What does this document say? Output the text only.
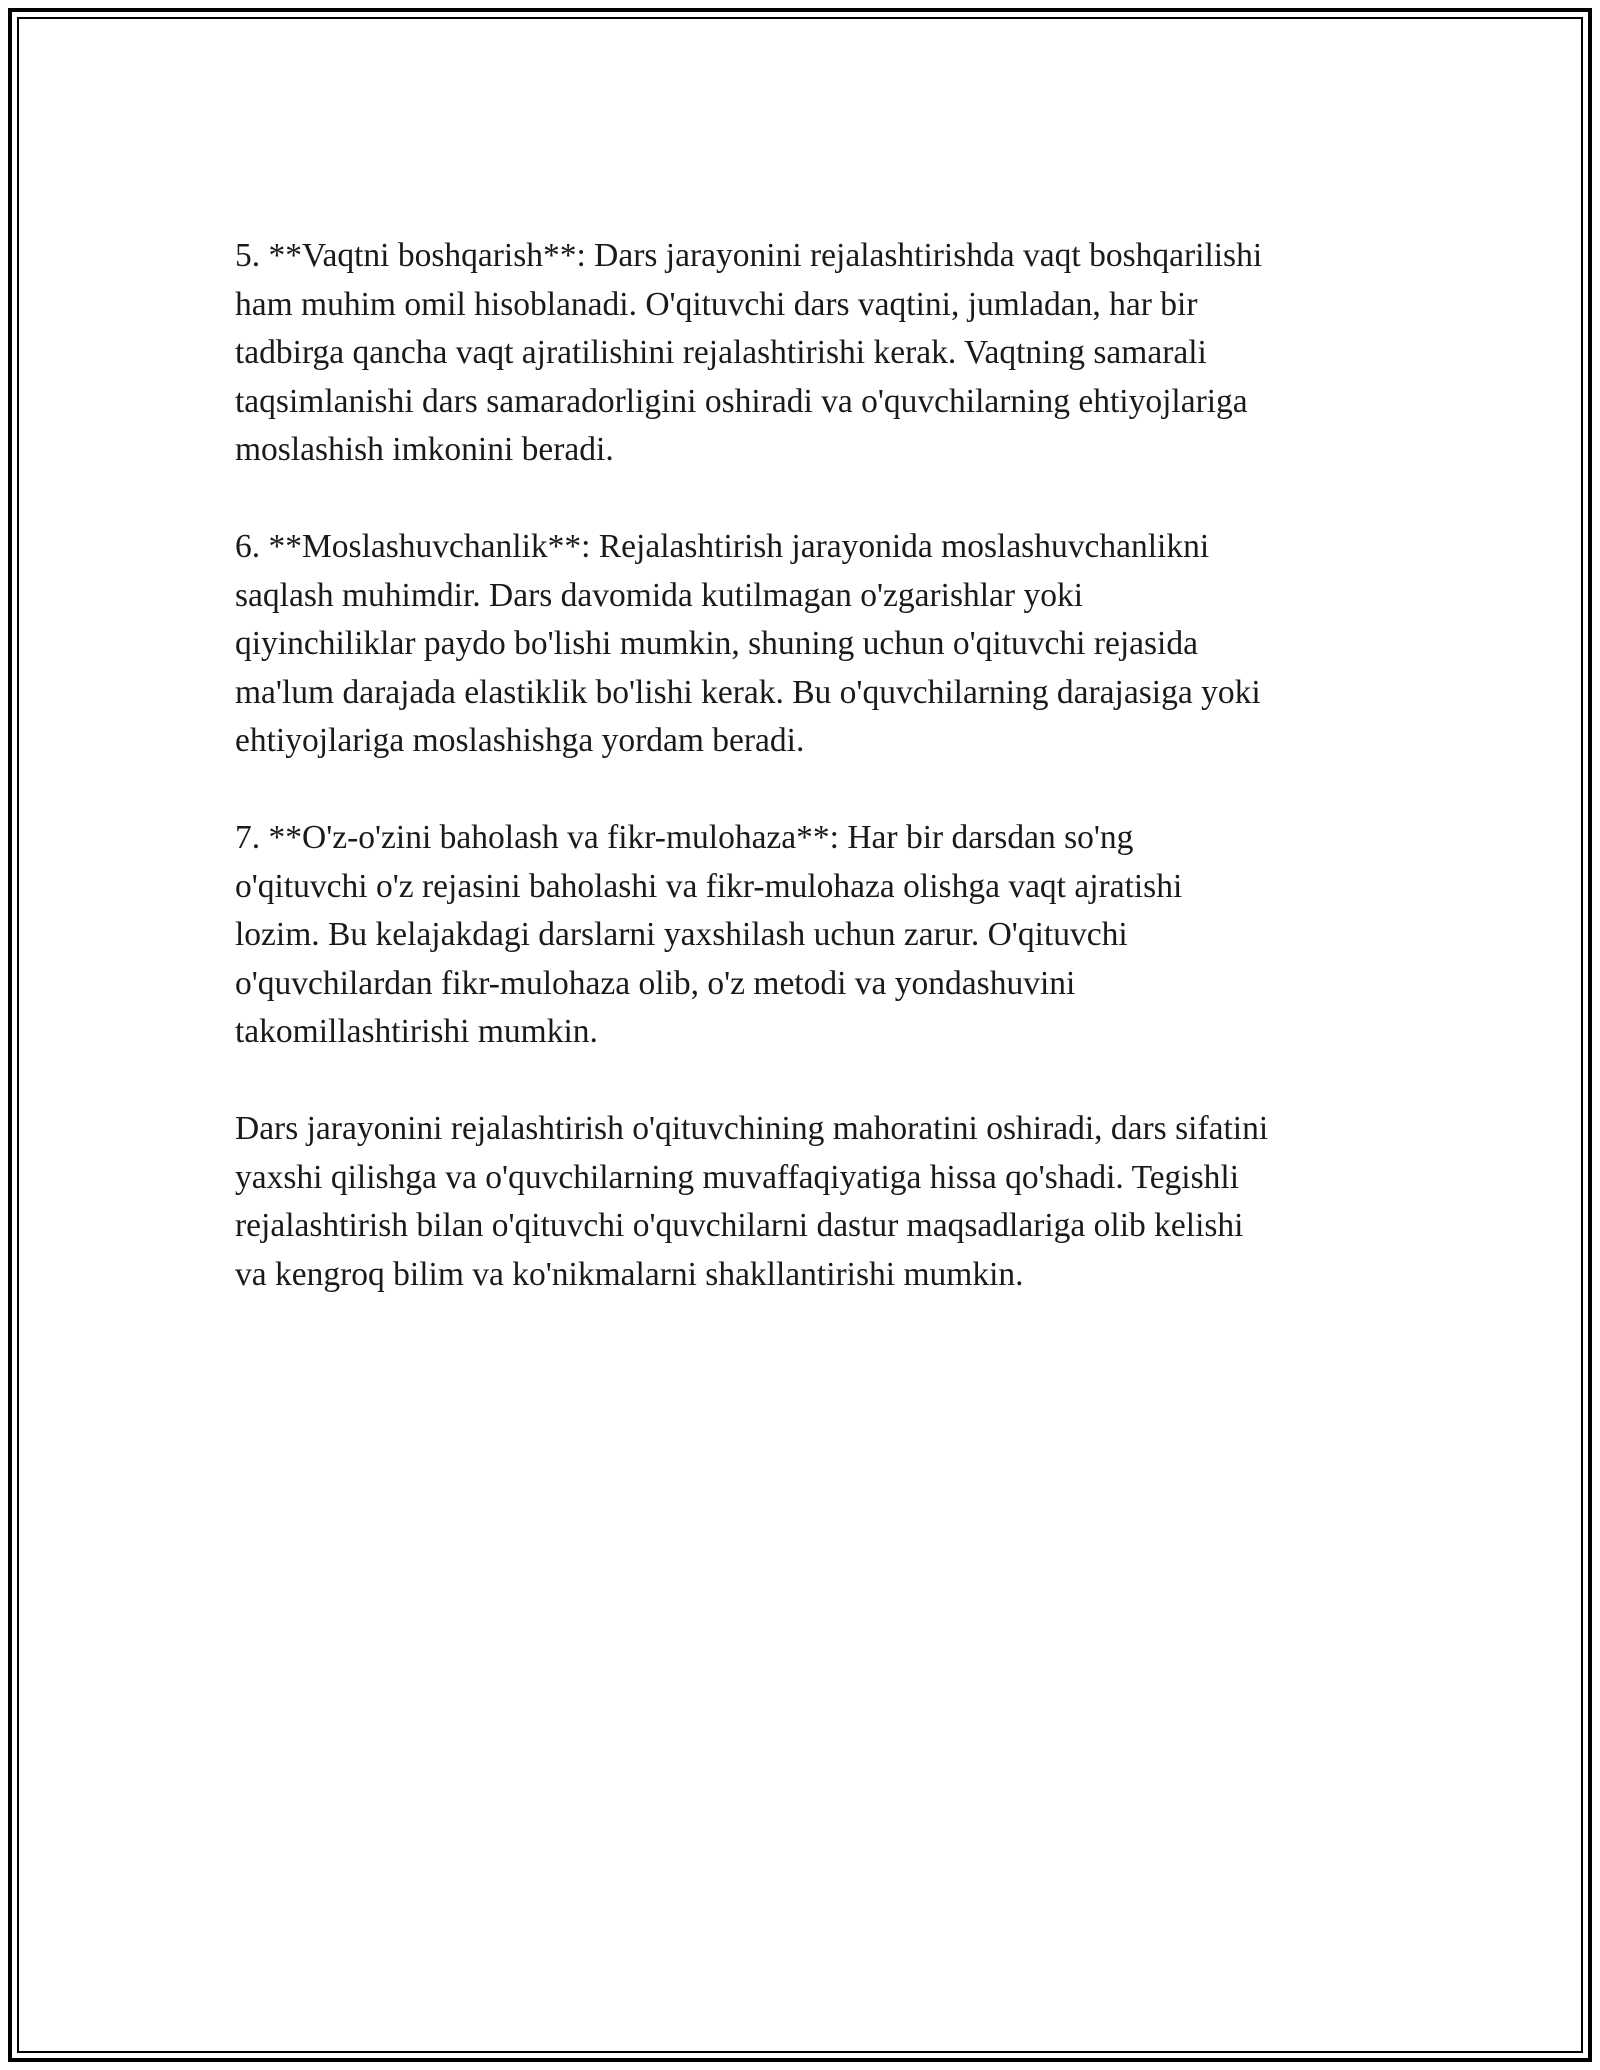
5. **Vaqtni boshqarish**: Dars jarayonini rejalashtirishda vaqt boshqarilishi
ham muhim omil hisoblanadi. O'qituvchi dars vaqtini, jumladan, har bir
tadbirga qancha vaqt ajratilishini rejalashtirishi kerak. Vaqtning samarali
taqsimlanishi dars samaradorligini oshiradi va o'quvchilarning ehtiyojlariga
moslashish imkonini beradi.

6. **Moslashuvchanlik**: Rejalashtirish jarayonida moslashuvchanlikni
saqlash muhimdir. Dars davomida kutilmagan o'zgarishlar yoki
qiyinchiliklar paydo bo'lishi mumkin, shuning uchun o'qituvchi rejasida
ma'lum darajada elastiklik bo'lishi kerak. Bu o'quvchilarning darajasiga yoki
ehtiyojlariga moslashishga yordam beradi.

7. **O'z-o'zini baholash va fikr-mulohaza**: Har bir darsdan so'ng
o'qituvchi o'z rejasini baholashi va fikr-mulohaza olishga vaqt ajratishi
lozim. Bu kelajakdagi darslarni yaxshilash uchun zarur. O'qituvchi
o'quvchilardan fikr-mulohaza olib, o'z metodi va yondashuvini
takomillashtirishi mumkin.

Dars jarayonini rejalashtirish o'qituvchining mahoratini oshiradi, dars sifatini
yaxshi qilishga va o'quvchilarning muvaffaqiyatiga hissa qo'shadi. Tegishli
rejalashtirish bilan o'qituvchi o'quvchilarni dastur maqsadlariga olib kelishi
va kengroq bilim va ko'nikmalarni shakllantirishi mumkin.
